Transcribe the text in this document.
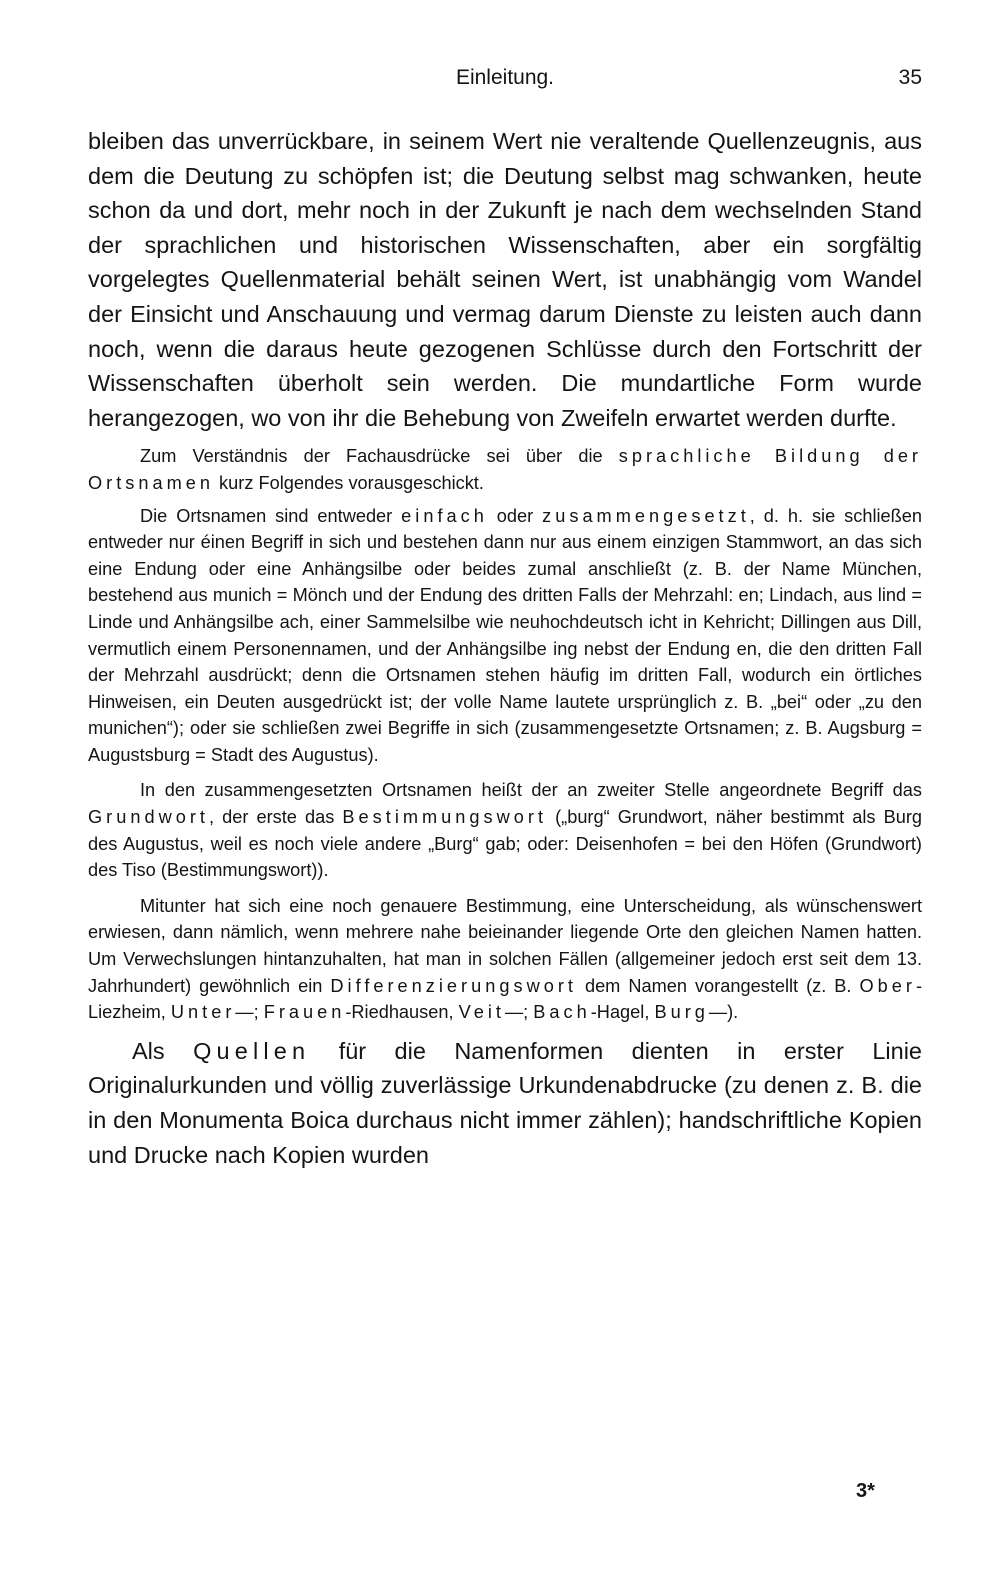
Einleitung.	35

bleiben das unverrückbare, in seinem Wert nie veraltende Quellenzeugnis, aus dem die Deutung zu schöpfen ist; die Deutung selbst mag schwanken, heute schon da und dort, mehr noch in der Zukunft je nach dem wechselnden Stand der sprachlichen und historischen Wissenschaften, aber ein sorgfältig vorgelegtes Quellenmaterial behält seinen Wert, ist unabhängig vom Wandel der Einsicht und Anschauung und vermag darum Dienste zu leisten auch dann noch, wenn die daraus heute gezogenen Schlüsse durch den Fortschritt der Wissenschaften überholt sein werden. Die mundartliche Form wurde herangezogen, wo von ihr die Behebung von Zweifeln erwartet werden durfte.

Zum Verständnis der Fachausdrücke sei über die sprachliche Bildung der Ortsnamen kurz Folgendes vorausgeschickt.

Die Ortsnamen sind entweder einfach oder zusammengesetzt, d. h. sie schließen entweder nur éinen Begriff in sich und bestehen dann nur aus einem einzigen Stammwort, an das sich eine Endung oder eine Anhängsilbe oder beides zumal anschließt (z. B. der Name München, bestehend aus munich = Mönch und der Endung des dritten Falls der Mehrzahl: en; Lindach, aus lind = Linde und Anhängsilbe ach, einer Sammelsilbe wie neuhochdeutsch icht in Kehricht; Dillingen aus Dill, vermutlich einem Personennamen, und der Anhängsilbe ing nebst der Endung en, die den dritten Fall der Mehrzahl ausdrückt; denn die Ortsnamen stehen häufig im dritten Fall, wodurch ein örtliches Hinweisen, ein Deuten ausgedrückt ist; der volle Name lautete ursprünglich z. B. „bei“ oder „zu den munichen“); oder sie schließen zwei Begriffe in sich (zusammengesetzte Ortsnamen; z. B. Augsburg = Augustsburg = Stadt des Augustus).

In den zusammengesetzten Ortsnamen heißt der an zweiter Stelle angeordnete Begriff das Grundwort, der erste das Bestimmungswort („burg“ Grundwort, näher bestimmt als Burg des Augustus, weil es noch viele andere „Burg“ gab; oder: Deisenhofen = bei den Höfen (Grundwort) des Tiso (Bestimmungswort)).

Mitunter hat sich eine noch genauere Bestimmung, eine Unterscheidung, als wünschenswert erwiesen, dann nämlich, wenn mehrere nahe beieinander liegende Orte den gleichen Namen hatten. Um Verwechslungen hintanzuhalten, hat man in solchen Fällen (allgemeiner jedoch erst seit dem 13. Jahrhundert) gewöhnlich ein Differenzierungswort dem Namen vorangestellt (z. B. Ober-Liezheim, Unter—; Frauen-Riedhausen, Veit—; Bach-Hagel, Burg—).

Als Quellen für die Namenformen dienten in erster Linie Originalurkunden und völlig zuverlässige Urkundenabdrucke (zu denen z. B. die in den Monumenta Boica durchaus nicht immer zählen); handschriftliche Kopien und Drucke nach Kopien wurden

3*
